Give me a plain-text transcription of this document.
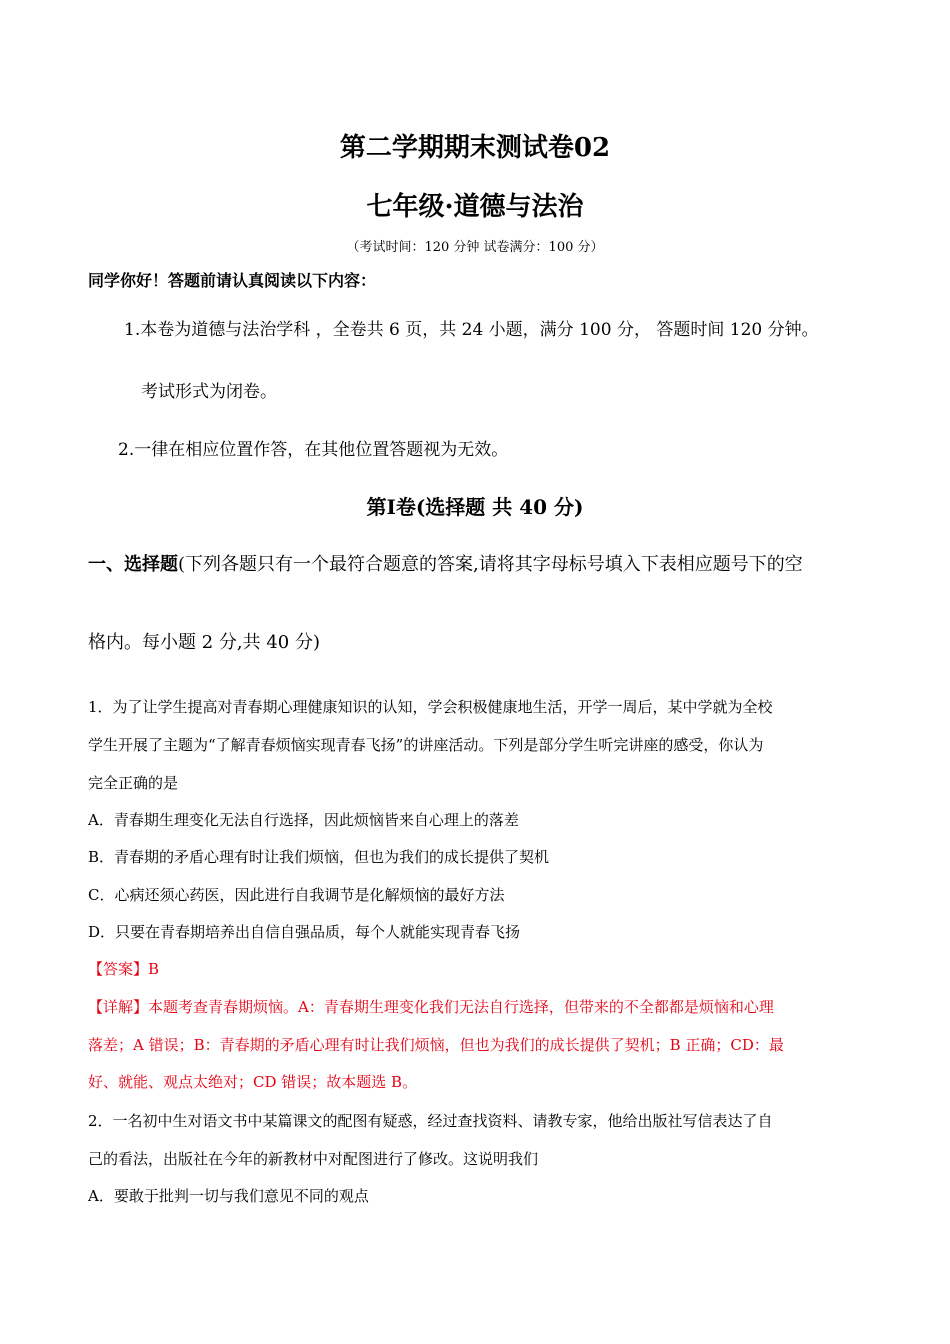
第二学期期末测试卷02
七年级·道德与法治
（考试时间：120 分钟 试卷满分：100 分）
同学你好！答题前请认真阅读以下内容：
1.本卷为道德与法治学科 ，全卷共 6 页，共 24 小题，满分 100 分， 答题时间 120 分钟。
考试形式为闭卷。
2.一律在相应位置作答，在其他位置答题视为无效。
第Ⅰ卷(选择题 共 40 分)
一、选择题(下列各题只有一个最符合题意的答案,请将其字母标号填入下表相应题号下的空
格内。每小题 2 分,共 40 分)
1．为了让学生提高对青春期心理健康知识的认知，学会积极健康地生活，开学一周后，某中学就为全校
学生开展了主题为“了解青春烦恼实现青春飞扬”的讲座活动。下列是部分学生听完讲座的感受，你认为
完全正确的是
A．青春期生理变化无法自行选择，因此烦恼皆来自心理上的落差
B．青春期的矛盾心理有时让我们烦恼，但也为我们的成长提供了契机
C．心病还须心药医，因此进行自我调节是化解烦恼的最好方法
D．只要在青春期培养出自信自强品质，每个人就能实现青春飞扬
【答案】B
【详解】本题考查青春期烦恼。A：青春期生理变化我们无法自行选择，但带来的不全都都是烦恼和心理
落差；A 错误；B：青春期的矛盾心理有时让我们烦恼，但也为我们的成长提供了契机；B 正确；CD：最
好、就能、观点太绝对；CD 错误；故本题选 B。
2．一名初中生对语文书中某篇课文的配图有疑惑，经过查找资料、请教专家，他给出版社写信表达了自
己的看法，出版社在今年的新教材中对配图进行了修改。这说明我们
A．要敢于批判一切与我们意见不同的观点
